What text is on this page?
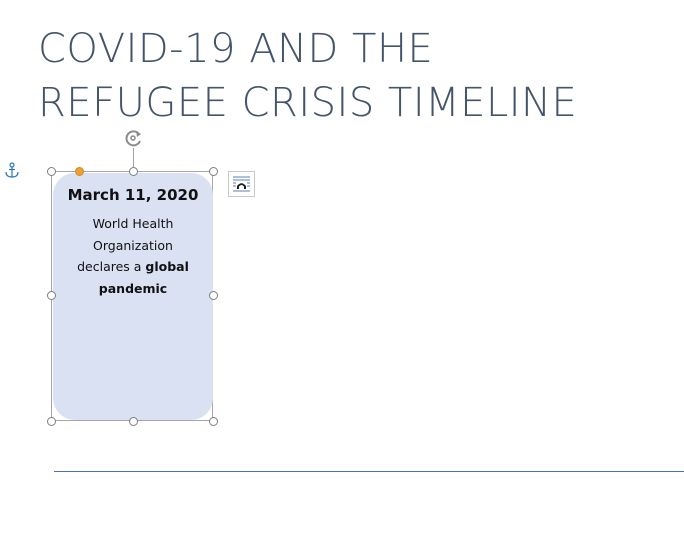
COVID-19 AND THE
REFUGEE CRISIS TIMELINE

March 11, 2020

World Health Organization declares a global pandemic
